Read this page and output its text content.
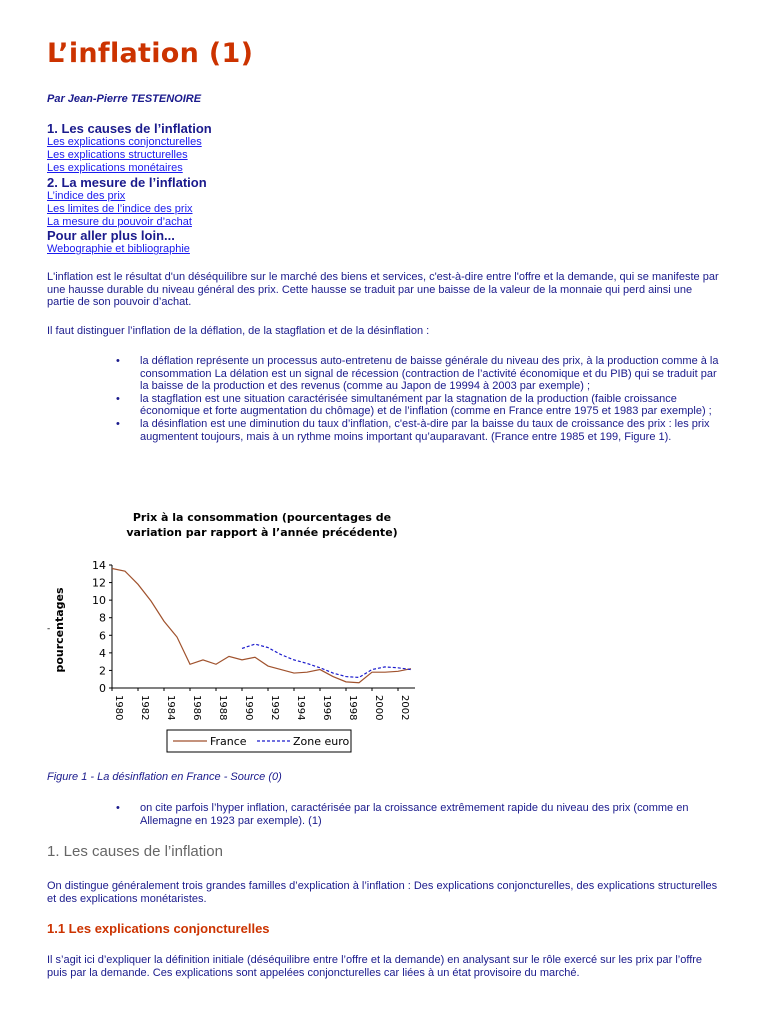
L’inflation (1)
Par Jean-Pierre TESTENOIRE
1. Les causes de l’inflation
Les explications conjoncturelles
Les explications structurelles
Les explications monétaires
2. La mesure de l’inflation
L’indice des prix
Les limites de l’indice des prix
La mesure du pouvoir d’achat
Pour aller plus loin...
Webographie et bibliographie
L'inflation est le résultat d'un déséquilibre sur le marché des biens et services, c'est-à-dire entre l'offre et la demande, qui se manifeste par une hausse durable du niveau général des prix. Cette hausse se traduit par une baisse de la valeur de la monnaie qui perd ainsi une partie de son pouvoir d’achat.
Il faut distinguer l’inflation de la déflation, de la stagflation et de la désinflation :
• la déflation représente un processus auto-entretenu de baisse générale du niveau des prix, à la production comme à la consommation La délation est un signal de récession (contraction de l’activité économique et du PIB) qui se traduit par la baisse de la production et des revenus (comme au Japon de 19994 à 2003 par exemple) ;
• la stagflation est une situation caractérisée simultanément par la stagnation de la production (faible croissance économique et forte augmentation du chômage) et de l’inflation (comme en France entre 1975 et 1983 par exemple) ;
• la désinflation est une diminution du taux d’inflation, c'est-à-dire par la baisse du taux de croissance des prix : les prix augmentent toujours, mais à un rythme moins important qu’auparavant. (France entre 1985 et 199, Figure 1).
Prix à la consommation (pourcentages de
variation par rapport à l’année précédente)
pourcentages
-
0
2
4
6
8
10
12
14
1980 1982 1984 1986 1988 1990 1992 1994 1996 1998 2000 2002
France	Zone euro
Figure 1 - La désinflation en France - Source (0)
• on cite parfois l’hyper inflation, caractérisée par la croissance extrêmement rapide du niveau des prix (comme en Allemagne en 1923 par exemple). (1)
1. Les causes de l’inflation
On distingue généralement trois grandes familles d’explication à l’inflation : Des explications conjoncturelles, des explications structurelles et des explications monétaristes.
1.1 Les explications conjoncturelles
Il s’agit ici d’expliquer la définition initiale (déséquilibre entre l’offre et la demande) en analysant sur le rôle exercé sur les prix par l’offre puis par la demande. Ces explications sont appelées conjoncturelles car liées à un état provisoire du marché.
